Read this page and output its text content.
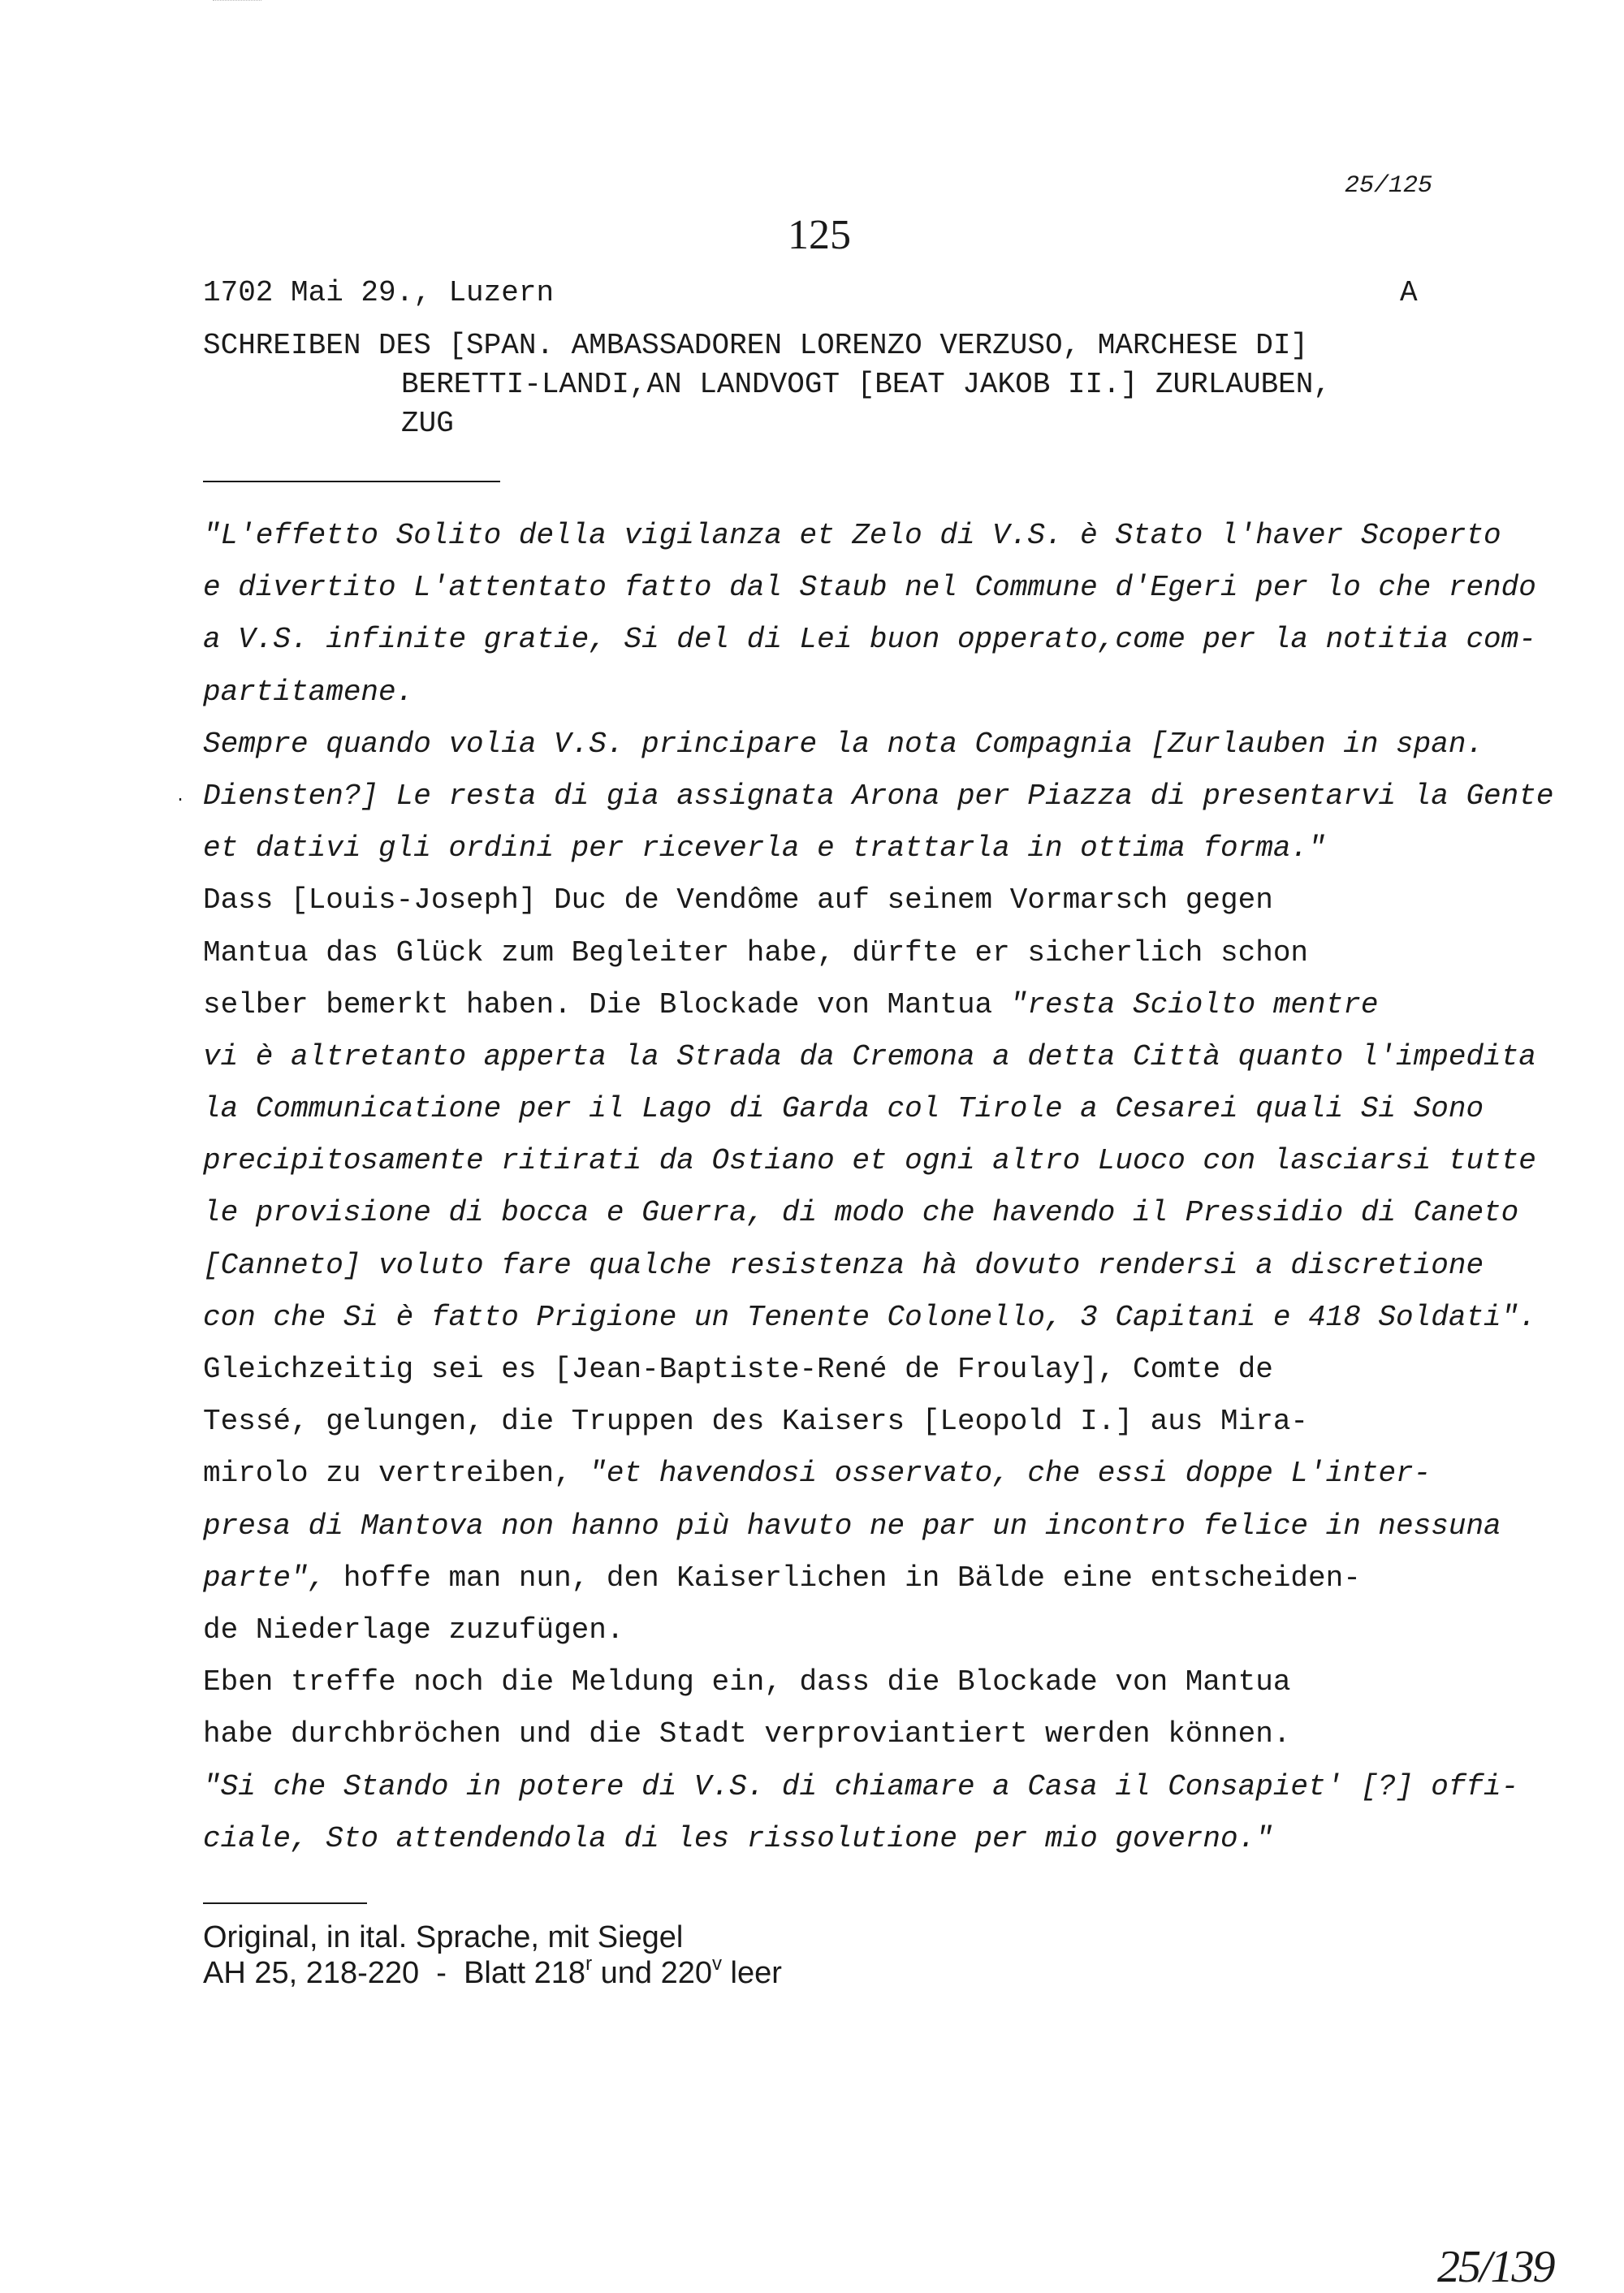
25/125
125
1702 Mai 29., Luzern	A
SCHREIBEN DES [SPAN. AMBASSADOREN LORENZO VERZUSO, MARCHESE DI]
BERETTI-LANDI,AN LANDVOGT [BEAT JAKOB II.] ZURLAUBEN,
ZUG
·
"L'effetto Solito della vigilanza et Zelo di V.S. è Stato l'haver Scoperto
e divertito L'attentato fatto dal Staub nel Commune d'Egeri per lo che rendo
a V.S. infinite gratie, Si del di Lei buon opperato,come per la notitia com-
partitamene.
Sempre quando volia V.S. principare la nota Compagnia [Zurlauben in span.
Diensten?] Le resta di gia assignata Arona per Piazza di presentarvi la Gente
et dativi gli ordini per riceverla e trattarla in ottima forma."
Dass [Louis-Joseph] Duc de Vendôme auf seinem Vormarsch gegen
Mantua das Glück zum Begleiter habe, dürfte er sicherlich schon
selber bemerkt haben. Die Blockade von Mantua "resta Sciolto mentre
vi è altretanto apperta la Strada da Cremona a detta Città quanto l'impedita
la Communicatione per il Lago di Garda col Tirole a Cesarei quali Si Sono
precipitosamente ritirati da Ostiano et ogni altro Luoco con lasciarsi tutte
le provisione di bocca e Guerra, di modo che havendo il Pressidio di Caneto
[Canneto] voluto fare qualche resistenza hà dovuto rendersi a discretione
con che Si è fatto Prigione un Tenente Colonello, 3 Capitani e 418 Soldati".
Gleichzeitig sei es [Jean-Baptiste-René de Froulay], Comte de
Tessé, gelungen, die Truppen des Kaisers [Leopold I.] aus Mira-
mirolo zu vertreiben, "et havendosi osservato, che essi doppe L'inter-
presa di Mantova non hanno più havuto ne par un incontro felice in nessuna
parte", hoffe man nun, den Kaiserlichen in Bälde eine entscheiden-
de Niederlage zuzufügen.
Eben treffe noch die Meldung ein, dass die Blockade von Mantua
habe durchbröchen und die Stadt verproviantiert werden können.
"Si che Stando in potere di V.S. di chiamare a Casa il Consapiet' [?] offi-
ciale, Sto attendendola di les rissolutione per mio governo."
Original, in ital. Sprache, mit Siegel
AH 25, 218-220  -  Blatt 218$^r$ und 220$^v$ leer
25/139
